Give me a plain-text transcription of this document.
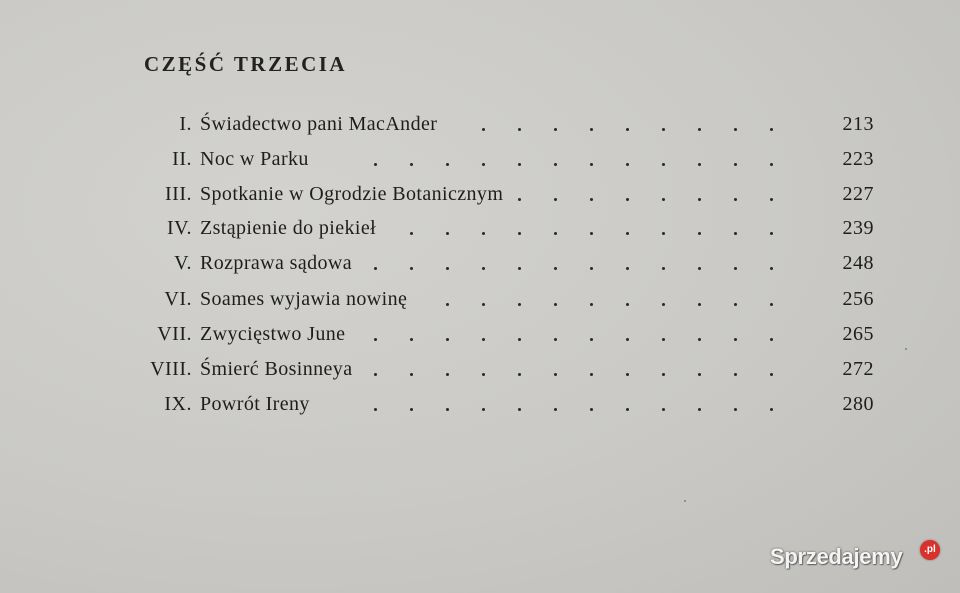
CZĘŚĆ TRZECIA
I. Świadectwo pani MacAnder	213
II. Noc w Parku	223
III. Spotkanie w Ogrodzie Botanicznym	227
IV. Zstąpienie do piekieł	239
V. Rozprawa sądowa	248
VI. Soames wyjawia nowinę	256
VII. Zwycięstwo June	265
VIII. Śmierć Bosinneya	272
IX. Powrót Ireny	280
Sprzedajemy	.pl
